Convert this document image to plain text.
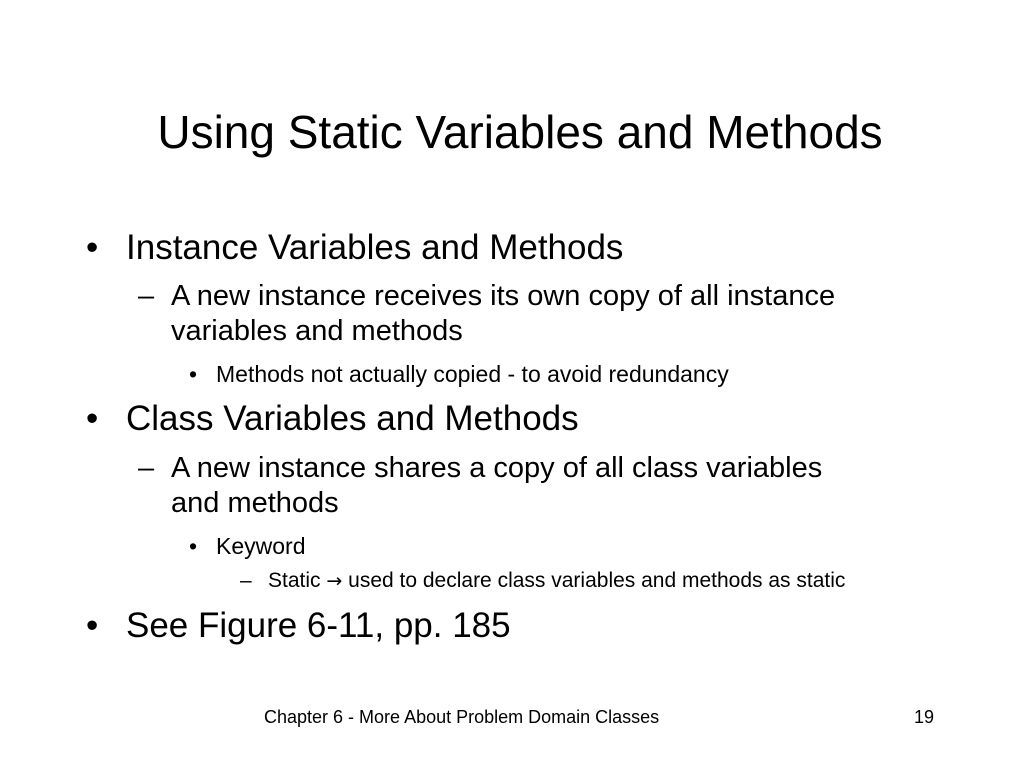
Using Static Variables and Methods
• Instance Variables and Methods
– A new instance receives its own copy of all instance
variables and methods
• Methods not actually copied - to avoid redundancy
• Class Variables and Methods
– A new instance shares a copy of all class variables
and methods
• Keyword
– Static → used to declare class variables and methods as static
• See Figure 6-11, pp. 185
Chapter 6 - More About Problem Domain Classes	19
